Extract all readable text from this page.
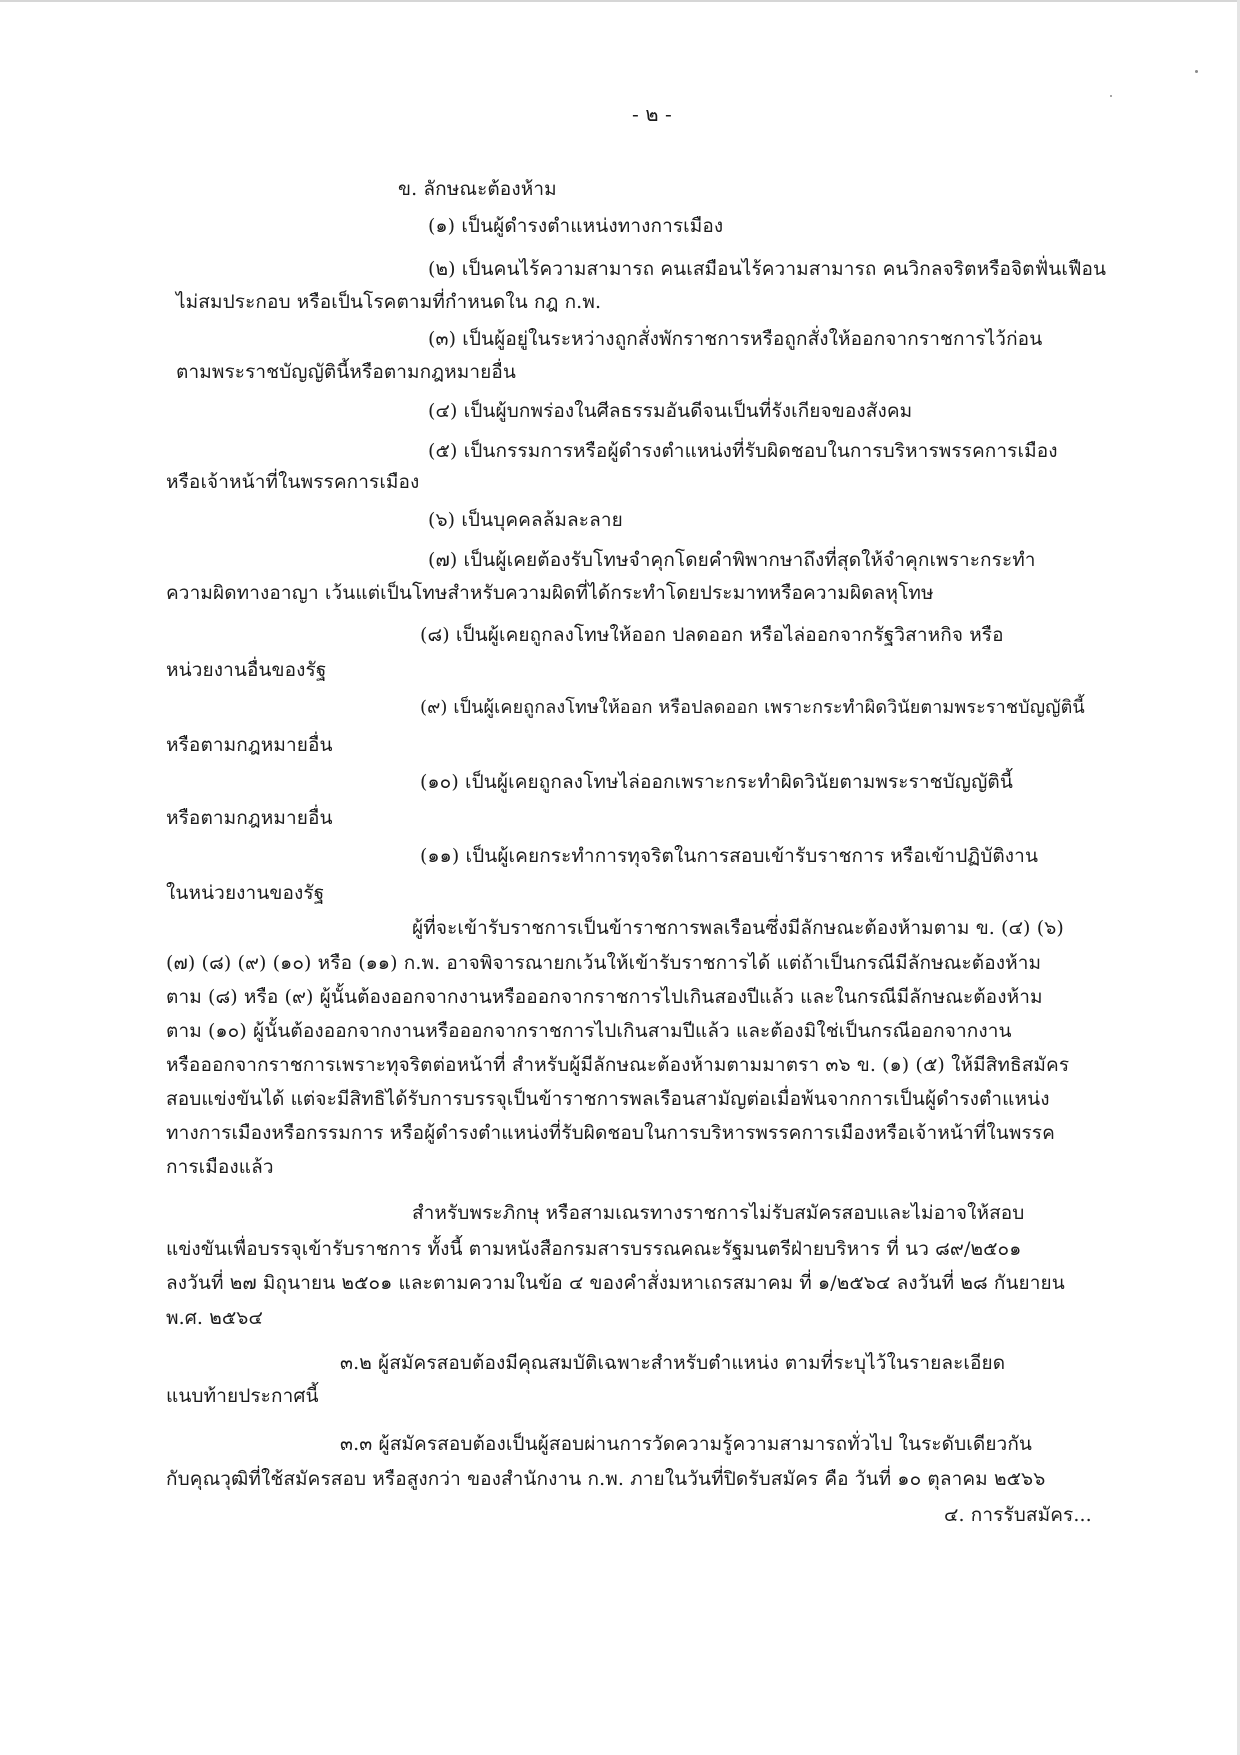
- ๒ -
ข. ลักษณะต้องห้าม
(๑) เป็นผู้ดำรงตำแหน่งทางการเมือง
(๒) เป็นคนไร้ความสามารถ คนเสมือนไร้ความสามารถ คนวิกลจริตหรือจิตฟั่นเฟือน
ไม่สมประกอบ หรือเป็นโรคตามที่กำหนดใน กฎ ก.พ.
(๓) เป็นผู้อยู่ในระหว่างถูกสั่งพักราชการหรือถูกสั่งให้ออกจากราชการไว้ก่อน
ตามพระราชบัญญัตินี้หรือตามกฎหมายอื่น
(๔) เป็นผู้บกพร่องในศีลธรรมอันดีจนเป็นที่รังเกียจของสังคม
(๕) เป็นกรรมการหรือผู้ดำรงตำแหน่งที่รับผิดชอบในการบริหารพรรคการเมือง
หรือเจ้าหน้าที่ในพรรคการเมือง
(๖) เป็นบุคคลล้มละลาย
(๗) เป็นผู้เคยต้องรับโทษจำคุกโดยคำพิพากษาถึงที่สุดให้จำคุกเพราะกระทำ
ความผิดทางอาญา เว้นแต่เป็นโทษสำหรับความผิดที่ได้กระทำโดยประมาทหรือความผิดลหุโทษ
(๘) เป็นผู้เคยถูกลงโทษให้ออก ปลดออก หรือไล่ออกจากรัฐวิสาหกิจ หรือ
หน่วยงานอื่นของรัฐ
(๙) เป็นผู้เคยถูกลงโทษให้ออก หรือปลดออก เพราะกระทำผิดวินัยตามพระราชบัญญัตินี้
หรือตามกฎหมายอื่น
(๑๐) เป็นผู้เคยถูกลงโทษไล่ออกเพราะกระทำผิดวินัยตามพระราชบัญญัตินี้
หรือตามกฎหมายอื่น
(๑๑) เป็นผู้เคยกระทำการทุจริตในการสอบเข้ารับราชการ หรือเข้าปฏิบัติงาน
ในหน่วยงานของรัฐ
ผู้ที่จะเข้ารับราชการเป็นข้าราชการพลเรือนซึ่งมีลักษณะต้องห้ามตาม ข. (๔) (๖)
(๗) (๘) (๙) (๑๐) หรือ (๑๑) ก.พ. อาจพิจารณายกเว้นให้เข้ารับราชการได้ แต่ถ้าเป็นกรณีมีลักษณะต้องห้าม
ตาม (๘) หรือ (๙) ผู้นั้นต้องออกจากงานหรือออกจากราชการไปเกินสองปีแล้ว และในกรณีมีลักษณะต้องห้าม
ตาม (๑๐) ผู้นั้นต้องออกจากงานหรือออกจากราชการไปเกินสามปีแล้ว และต้องมิใช่เป็นกรณีออกจากงาน
หรือออกจากราชการเพราะทุจริตต่อหน้าที่ สำหรับผู้มีลักษณะต้องห้ามตามมาตรา ๓๖ ข. (๑) (๕) ให้มีสิทธิสมัคร
สอบแข่งขันได้ แต่จะมีสิทธิได้รับการบรรจุเป็นข้าราชการพลเรือนสามัญต่อเมื่อพ้นจากการเป็นผู้ดำรงตำแหน่ง
ทางการเมืองหรือกรรมการ หรือผู้ดำรงตำแหน่งที่รับผิดชอบในการบริหารพรรคการเมืองหรือเจ้าหน้าที่ในพรรค
การเมืองแล้ว
สำหรับพระภิกษุ หรือสามเณรทางราชการไม่รับสมัครสอบและไม่อาจให้สอบ
แข่งขันเพื่อบรรจุเข้ารับราชการ ทั้งนี้ ตามหนังสือกรมสารบรรณคณะรัฐมนตรีฝ่ายบริหาร ที่ นว ๘๙/๒๕๐๑
ลงวันที่ ๒๗ มิถุนายน ๒๕๐๑ และตามความในข้อ ๔ ของคำสั่งมหาเถรสมาคม ที่ ๑/๒๕๖๔ ลงวันที่ ๒๘ กันยายน
พ.ศ. ๒๕๖๔
๓.๒ ผู้สมัครสอบต้องมีคุณสมบัติเฉพาะสำหรับตำแหน่ง ตามที่ระบุไว้ในรายละเอียด
แนบท้ายประกาศนี้
๓.๓ ผู้สมัครสอบต้องเป็นผู้สอบผ่านการวัดความรู้ความสามารถทั่วไป ในระดับเดียวกัน
กับคุณวุฒิที่ใช้สมัครสอบ หรือสูงกว่า ของสำนักงาน ก.พ. ภายในวันที่ปิดรับสมัคร คือ วันที่ ๑๐ ตุลาคม ๒๕๖๖
๔. การรับสมัคร...
